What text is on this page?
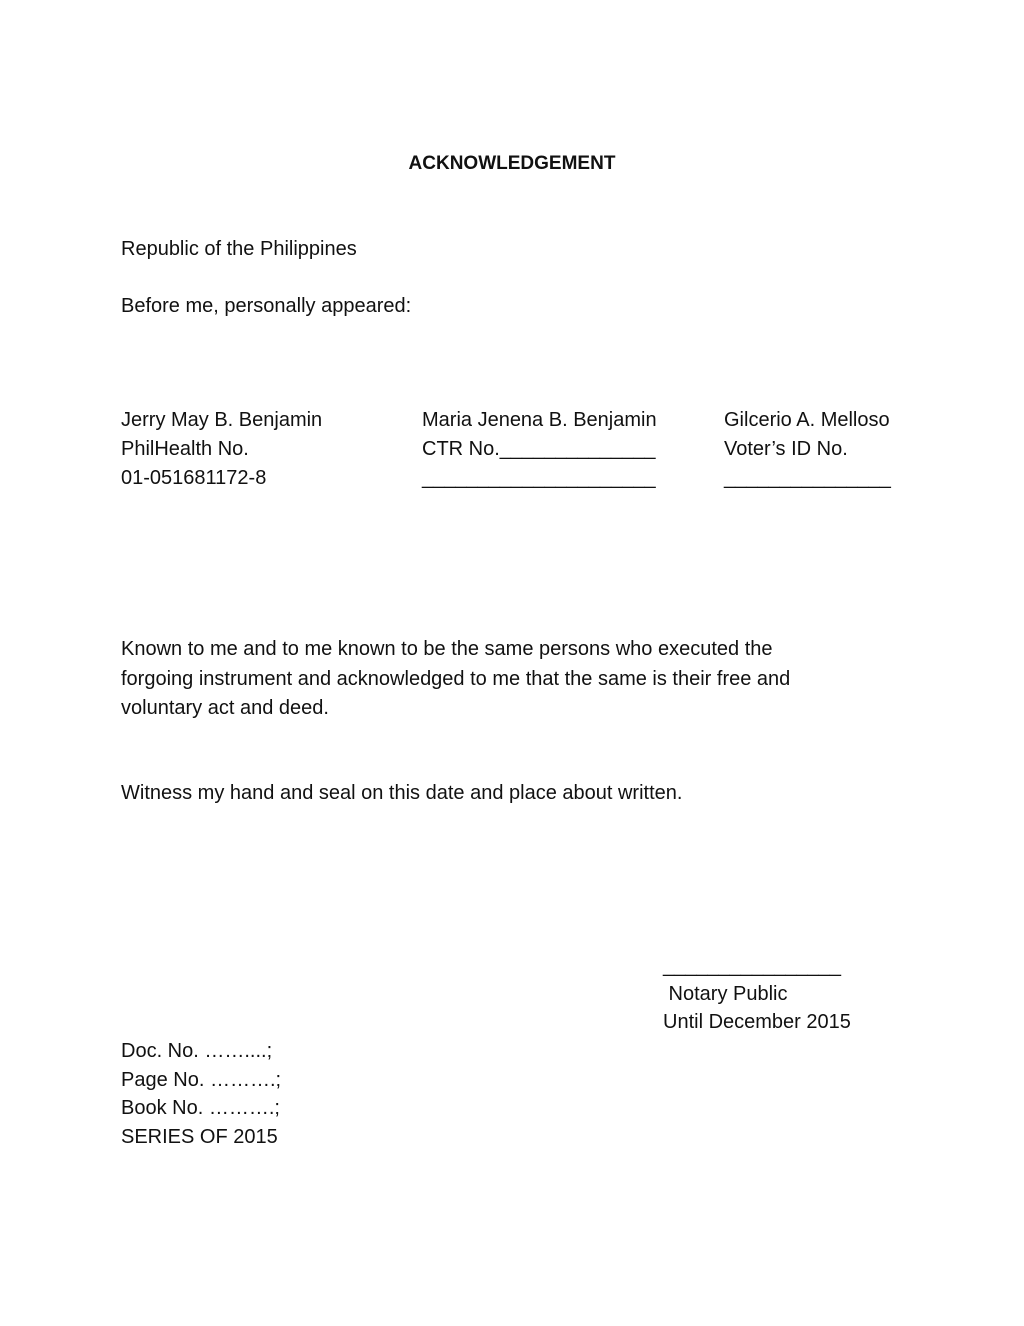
ACKNOWLEDGEMENT
Republic of the Philippines
Before me, personally appeared:
Jerry May B. Benjamin
PhilHealth No.
01-051681172-8
Maria Jenena B. Benjamin
CTR No.______________
_____________________
Gilcerio A. Melloso
Voter’s ID No.
_______________
Known to me and to me known to be the same persons who executed the forgoing instrument and acknowledged to me that the same is their free and voluntary act and deed.
Witness my hand and seal on this date and place about written.
________________
Notary Public
Until December 2015
Doc. No. ……....;
Page No. ……….;
Book No. ……….;
SERIES OF 2015
